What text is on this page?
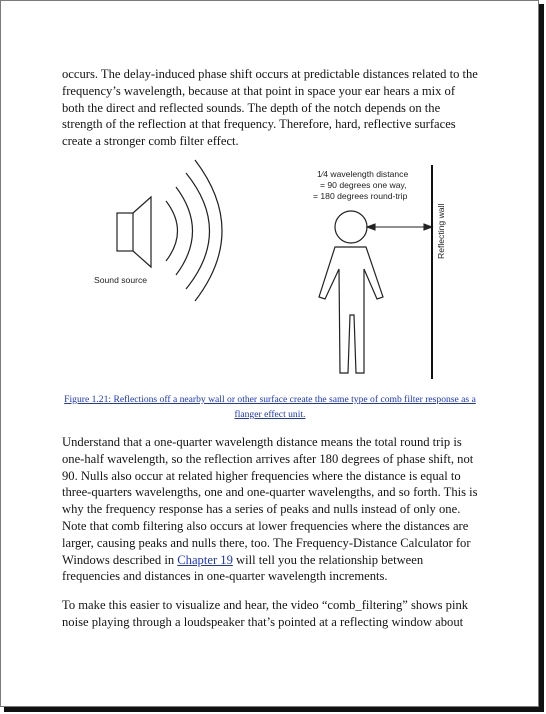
occurs. The delay-induced phase shift occurs at predictable distances related to the frequency’s wavelength, because at that point in space your ear hears a mix of both the direct and reflected sounds. The depth of the notch depends on the strength of the reflection at that frequency. Therefore, hard, reflective surfaces create a stronger comb filter effect.

1⁄4 wavelength distance
= 90 degrees one way,
= 180 degrees round-trip
Sound source
Reflecting wall

Figure 1.21: Reflections off a nearby wall or other surface create the same type of comb filter response as a flanger effect unit.

Understand that a one-quarter wavelength distance means the total round trip is one-half wavelength, so the reflection arrives after 180 degrees of phase shift, not 90. Nulls also occur at related higher frequencies where the distance is equal to three-quarters wavelengths, one and one-quarter wavelengths, and so forth. This is why the frequency response has a series of peaks and nulls instead of only one. Note that comb filtering also occurs at lower frequencies where the distances are larger, causing peaks and nulls there, too. The Frequency-Distance Calculator for Windows described in Chapter 19 will tell you the relationship between frequencies and distances in one-quarter wavelength increments.

To make this easier to visualize and hear, the video “comb_filtering” shows pink noise playing through a loudspeaker that’s pointed at a reflecting window about
